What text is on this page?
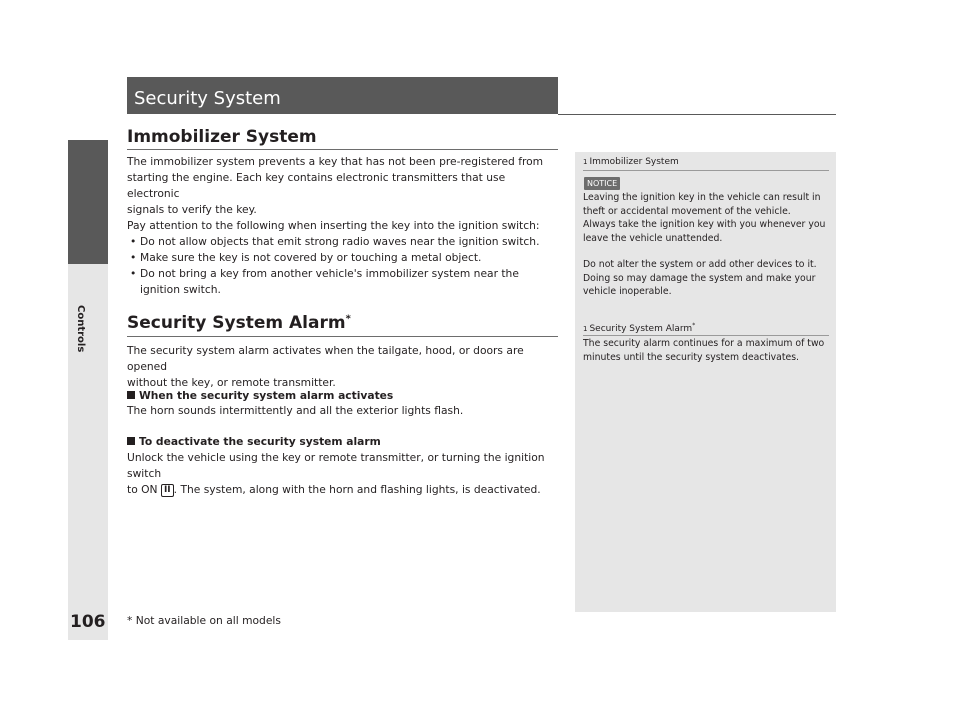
Controls
106
Security System
Immobilizer System
The immobilizer system prevents a key that has not been pre-registered from
starting the engine. Each key contains electronic transmitters that use electronic
signals to verify the key.
Pay attention to the following when inserting the key into the ignition switch:
• Do not allow objects that emit strong radio waves near the ignition switch.
• Make sure the key is not covered by or touching a metal object.
• Do not bring a key from another vehicle's immobilizer system near the ignition switch.
Security System Alarm*
The security system alarm activates when the tailgate, hood, or doors are opened
without the key, or remote transmitter.
When the security system alarm activates
The horn sounds intermittently and all the exterior lights flash.
To deactivate the security system alarm
Unlock the vehicle using the key or remote transmitter, or turning the ignition switch
to ON II . The system, along with the horn and flashing lights, is deactivated.
1 Immobilizer System
NOTICE
Leaving the ignition key in the vehicle can result in
theft or accidental movement of the vehicle.
Always take the ignition key with you whenever you
leave the vehicle unattended.
Do not alter the system or add other devices to it.
Doing so may damage the system and make your
vehicle inoperable.
1 Security System Alarm*
The security alarm continues for a maximum of two
minutes until the security system deactivates.
* Not available on all models
